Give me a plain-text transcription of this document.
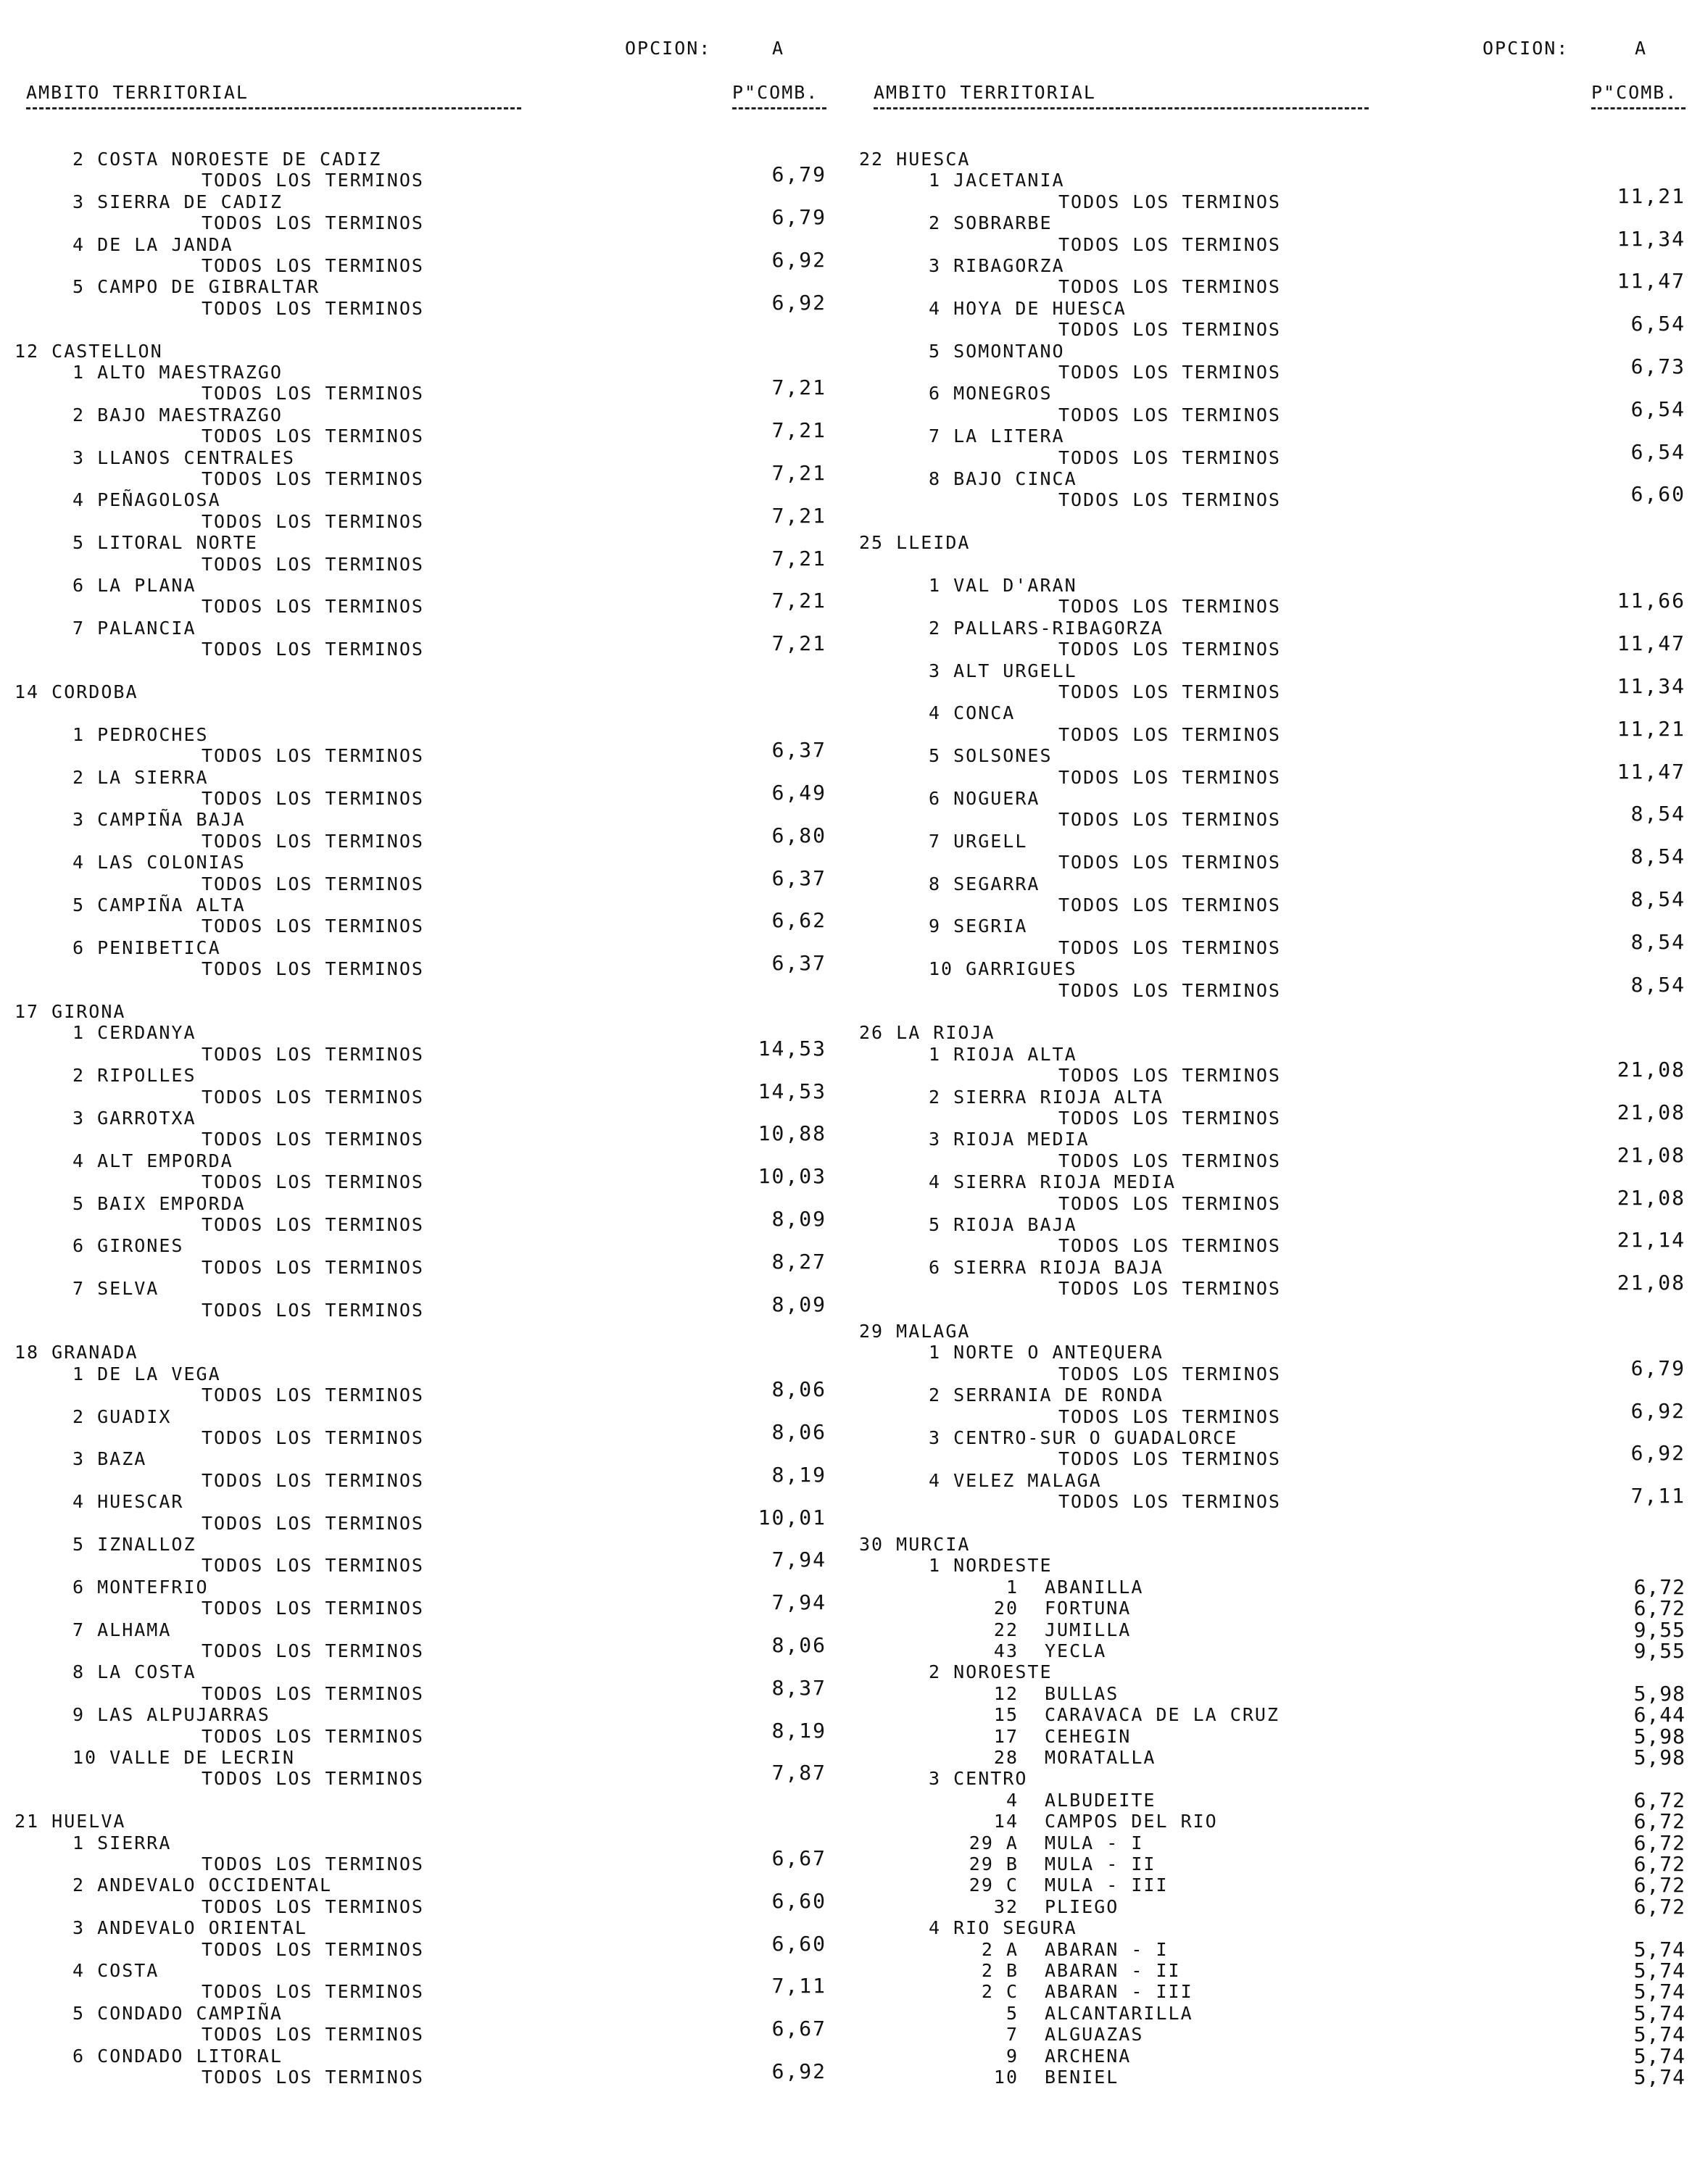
OPCION:	A
AMBITO TERRITORIAL	P"COMB.
2 COSTA NOROESTE DE CADIZ
TODOS LOS TERMINOS	6,79
3 SIERRA DE CADIZ
TODOS LOS TERMINOS	6,79
4 DE LA JANDA
TODOS LOS TERMINOS	6,92
5 CAMPO DE GIBRALTAR
TODOS LOS TERMINOS	6,92
12 CASTELLON
1 ALTO MAESTRAZGO
TODOS LOS TERMINOS	7,21
2 BAJO MAESTRAZGO
TODOS LOS TERMINOS	7,21
3 LLANOS CENTRALES
TODOS LOS TERMINOS	7,21
4 PEÑAGOLOSA
TODOS LOS TERMINOS	7,21
5 LITORAL NORTE
TODOS LOS TERMINOS	7,21
6 LA PLANA
TODOS LOS TERMINOS	7,21
7 PALANCIA
TODOS LOS TERMINOS	7,21
14 CORDOBA
1 PEDROCHES
TODOS LOS TERMINOS	6,37
2 LA SIERRA
TODOS LOS TERMINOS	6,49
3 CAMPIÑA BAJA
TODOS LOS TERMINOS	6,80
4 LAS COLONIAS
TODOS LOS TERMINOS	6,37
5 CAMPIÑA ALTA
TODOS LOS TERMINOS	6,62
6 PENIBETICA
TODOS LOS TERMINOS	6,37
17 GIRONA
1 CERDANYA
TODOS LOS TERMINOS	14,53
2 RIPOLLES
TODOS LOS TERMINOS	14,53
3 GARROTXA
TODOS LOS TERMINOS	10,88
4 ALT EMPORDA
TODOS LOS TERMINOS	10,03
5 BAIX EMPORDA
TODOS LOS TERMINOS	8,09
6 GIRONES
TODOS LOS TERMINOS	8,27
7 SELVA
TODOS LOS TERMINOS	8,09
18 GRANADA
1 DE LA VEGA
TODOS LOS TERMINOS	8,06
2 GUADIX
TODOS LOS TERMINOS	8,06
3 BAZA
TODOS LOS TERMINOS	8,19
4 HUESCAR
TODOS LOS TERMINOS	10,01
5 IZNALLOZ
TODOS LOS TERMINOS	7,94
6 MONTEFRIO
TODOS LOS TERMINOS	7,94
7 ALHAMA
TODOS LOS TERMINOS	8,06
8 LA COSTA
TODOS LOS TERMINOS	8,37
9 LAS ALPUJARRAS
TODOS LOS TERMINOS	8,19
10 VALLE DE LECRIN
TODOS LOS TERMINOS	7,87
21 HUELVA
1 SIERRA
TODOS LOS TERMINOS	6,67
2 ANDEVALO OCCIDENTAL
TODOS LOS TERMINOS	6,60
3 ANDEVALO ORIENTAL
TODOS LOS TERMINOS	6,60
4 COSTA
TODOS LOS TERMINOS	7,11
5 CONDADO CAMPIÑA
TODOS LOS TERMINOS	6,67
6 CONDADO LITORAL
TODOS LOS TERMINOS	6,92
OPCION:	A
AMBITO TERRITORIAL	P"COMB.
22 HUESCA
1 JACETANIA
TODOS LOS TERMINOS	11,21
2 SOBRARBE
TODOS LOS TERMINOS	11,34
3 RIBAGORZA
TODOS LOS TERMINOS	11,47
4 HOYA DE HUESCA
TODOS LOS TERMINOS	6,54
5 SOMONTANO
TODOS LOS TERMINOS	6,73
6 MONEGROS
TODOS LOS TERMINOS	6,54
7 LA LITERA
TODOS LOS TERMINOS	6,54
8 BAJO CINCA
TODOS LOS TERMINOS	6,60
25 LLEIDA
1 VAL D'ARAN
TODOS LOS TERMINOS	11,66
2 PALLARS-RIBAGORZA
TODOS LOS TERMINOS	11,47
3 ALT URGELL
TODOS LOS TERMINOS	11,34
4 CONCA
TODOS LOS TERMINOS	11,21
5 SOLSONES
TODOS LOS TERMINOS	11,47
6 NOGUERA
TODOS LOS TERMINOS	8,54
7 URGELL
TODOS LOS TERMINOS	8,54
8 SEGARRA
TODOS LOS TERMINOS	8,54
9 SEGRIA
TODOS LOS TERMINOS	8,54
10 GARRIGUES
TODOS LOS TERMINOS	8,54
26 LA RIOJA
1 RIOJA ALTA
TODOS LOS TERMINOS	21,08
2 SIERRA RIOJA ALTA
TODOS LOS TERMINOS	21,08
3 RIOJA MEDIA
TODOS LOS TERMINOS	21,08
4 SIERRA RIOJA MEDIA
TODOS LOS TERMINOS	21,08
5 RIOJA BAJA
TODOS LOS TERMINOS	21,14
6 SIERRA RIOJA BAJA
TODOS LOS TERMINOS	21,08
29 MALAGA
1 NORTE O ANTEQUERA
TODOS LOS TERMINOS	6,79
2 SERRANIA DE RONDA
TODOS LOS TERMINOS	6,92
3 CENTRO-SUR O GUADALORCE
TODOS LOS TERMINOS	6,92
4 VELEZ MALAGA
TODOS LOS TERMINOS	7,11
30 MURCIA
1 NORDESTE
1 ABANILLA	6,72
20 FORTUNA	6,72
22 JUMILLA	9,55
43 YECLA	9,55
2 NOROESTE
12 BULLAS	5,98
15 CARAVACA DE LA CRUZ	6,44
17 CEHEGIN	5,98
28 MORATALLA	5,98
3 CENTRO
4 ALBUDEITE	6,72
14 CAMPOS DEL RIO	6,72
29 A MULA - I	6,72
29 B MULA - II	6,72
29 C MULA - III	6,72
32 PLIEGO	6,72
4 RIO SEGURA
2 A ABARAN - I	5,74
2 B ABARAN - II	5,74
2 C ABARAN - III	5,74
5 ALCANTARILLA	5,74
7 ALGUAZAS	5,74
9 ARCHENA	5,74
10 BENIEL	5,74
